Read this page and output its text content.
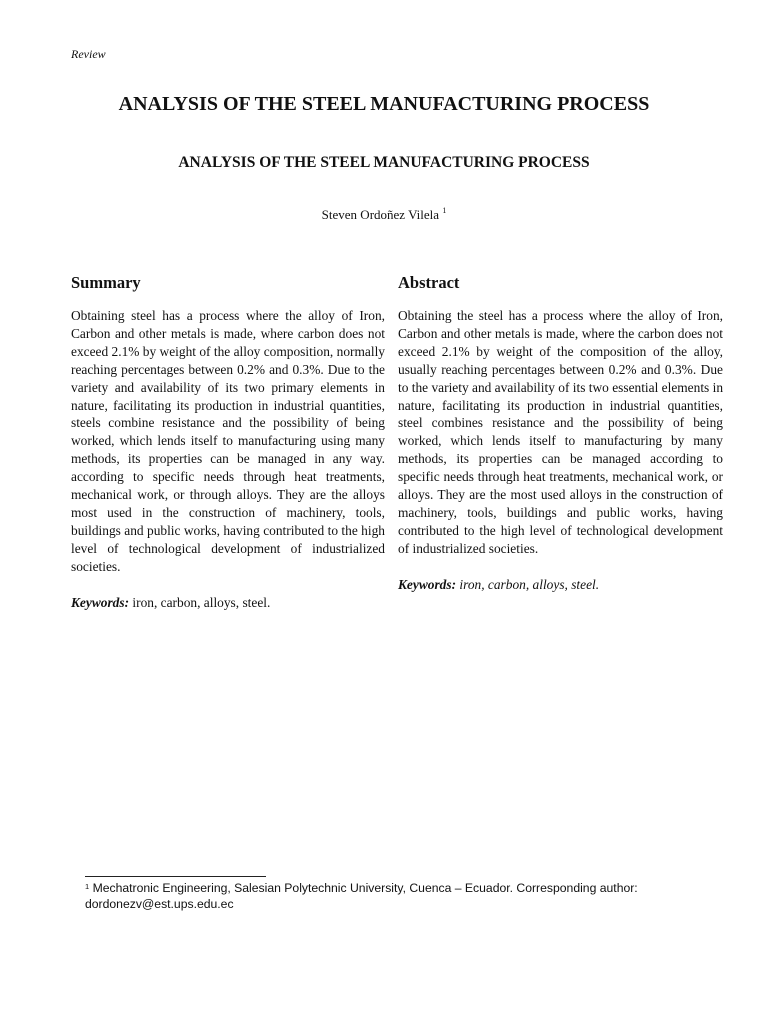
Review
ANALYSIS OF THE STEEL MANUFACTURING PROCESS
ANALYSIS OF THE STEEL MANUFACTURING PROCESS
Steven Ordoñez Vilela $^1$
Summary

Obtaining steel has a process where the alloy of Iron, Carbon and other metals is made, where carbon does not exceed 2.1% by weight of the alloy composition, normally reaching percentages between 0.2% and 0.3%. Due to the variety and availability of its two primary elements in nature, facilitating its production in industrial quantities, steels combine resistance and the possibility of being worked, which lends itself to manufacturing using many methods, its properties can be managed in any way. according to specific needs through heat treatments, mechanical work, or through alloys. They are the alloys most used in the construction of machinery, tools, buildings and public works, having contributed to the high level of technological development of industrialized societies.

Keywords: iron, carbon, alloys, steel.

Abstract

Obtaining the steel has a process where the alloy of Iron, Carbon and other metals is made, where the carbon does not exceed 2.1% by weight of the composition of the alloy, usually reaching percentages between 0.2% and 0.3%. Due to the variety and availability of its two essential elements in nature, facilitating its production in industrial quantities, steel combines resistance and the possibility of being worked, which lends itself to manufacturing by many methods, its properties can be managed according to specific needs through heat treatments, mechanical work, or alloys. They are the most used alloys in the construction of machinery, tools, buildings and public works, having contributed to the high level of technological development of industrialized societies.

Keywords: iron, carbon, alloys, steel.

$^1$ Mechatronic Engineering, Salesian Polytechnic University, Cuenca – Ecuador. Corresponding author:
dordonezv@est.ups.edu.ec
